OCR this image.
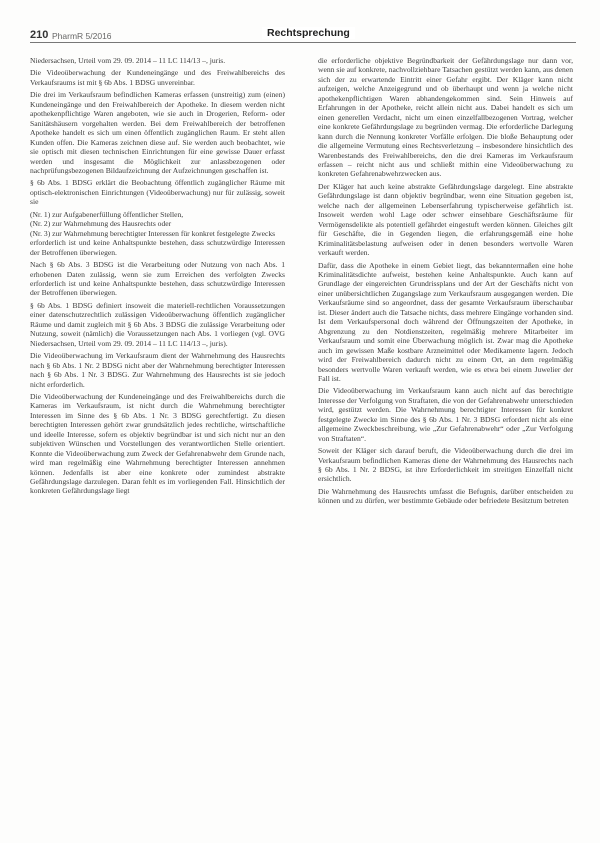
210 PharmR 5/2016	Rechtsprechung

Niedersachsen, Urteil vom 29. 09. 2014 – 11 LC 114/13 –, juris.

Die Videoüberwachung der Kundeneingänge und des Freiwahlbereichs des Verkaufsraums ist mit § 6b Abs. 1 BDSG unvereinbar.

Die drei im Verkaufsraum befindlichen Kameras erfassen (unstreitig) zum (einen) Kundeneingänge und den Freiwahlbereich der Apotheke. In diesem werden nicht apothekenpflichtige Waren angeboten, wie sie auch in Drogerien, Reform- oder Sanitätshäusern vorgehalten werden. Bei dem Freiwahlbereich der betroffenen Apotheke handelt es sich um einen öffentlich zugänglichen Raum. Er steht allen Kunden offen. Die Kameras zeichnen diese auf. Sie werden auch beobachtet, wie sie optisch mit diesen technischen Einrichtungen für eine gewisse Dauer erfasst werden und insgesamt die Möglichkeit zur anlassbezogenen oder nachprüfungsbezogenen Bildaufzeichnung der Aufzeichnungen geschaffen ist.

§ 6b Abs. 1 BDSG erklärt die Beobachtung öffentlich zugänglicher Räume mit optisch-elektronischen Einrichtungen (Videoüberwachung) nur für zulässig, soweit sie

(Nr. 1) zur Aufgabenerfüllung öffentlicher Stellen,

(Nr. 2) zur Wahrnehmung des Hausrechts oder

(Nr. 3) zur Wahrnehmung berechtigter Interessen für konkret festgelegte Zwecks

erforderlich ist und keine Anhaltspunkte bestehen, dass schutzwürdige Interessen der Betroffenen überwiegen.

Nach § 6b Abs. 3 BDSG ist die Verarbeitung oder Nutzung von nach Abs. 1 erhobenen Daten zulässig, wenn sie zum Erreichen des verfolgten Zwecks erforderlich ist und keine Anhaltspunkte bestehen, dass schutzwürdige Interessen der Betroffenen überwiegen.

§ 6b Abs. 1 BDSG definiert insoweit die materiell-rechtlichen Voraussetzungen einer datenschutzrechtlich zulässigen Videoüberwachung öffentlich zugänglicher Räume und damit zugleich mit § 6b Abs. 3 BDSG die zulässige Verarbeitung oder Nutzung, soweit (nämlich) die Voraussetzungen nach Abs. 1 vorliegen (vgl. OVG Niedersachsen, Urteil vom 29. 09. 2014 – 11 LC 114/13 –, juris).

Die Videoüberwachung im Verkaufsraum dient der Wahrnehmung des Hausrechts nach § 6b Abs. 1 Nr. 2 BDSG nicht aber der Wahrnehmung berechtigter Interessen nach § 6b Abs. 1 Nr. 3 BDSG. Zur Wahrnehmung des Hausrechts ist sie jedoch nicht erforderlich.

Die Videoüberwachung der Kundeneingänge und des Freiwahlbereichs durch die Kameras im Verkaufsraum, ist nicht durch die Wahrnehmung berechtigter Interessen im Sinne des § 6b Abs. 1 Nr. 3 BDSG gerechtfertigt. Zu diesen berechtigten Interessen gehört zwar grundsätzlich jedes rechtliche, wirtschaftliche und ideelle Interesse, sofern es objektiv begründbar ist und sich nicht nur an den subjektiven Wünschen und Vorstellungen des verantwortlichen Stelle orientiert. Konnte die Videoüberwachung zum Zweck der Gefahrenabwehr dem Grunde nach, wird man regelmäßig eine Wahrnehmung berechtigter Interessen annehmen können. Jedenfalls ist aber eine konkrete oder zumindest abstrakte Gefährdungslage darzulegen. Daran fehlt es im vorliegenden Fall. Hinsichtlich der konkreten Gefährdungslage liegt

die erforderliche objektive Begründbarkeit der Gefährdungslage nur dann vor, wenn sie auf konkrete, nachvollziehbare Tatsachen gestützt werden kann, aus denen sich der zu erwartende Eintritt einer Gefahr ergibt. Der Kläger kann nicht aufzeigen, welche Anzeigegrund und ob überhaupt und wenn ja welche nicht apothekenpflichtigen Waren abhandengekommen sind. Sein Hinweis auf Erfahrungen in der Apotheke, reicht allein nicht aus. Dabei handelt es sich um einen generellen Verdacht, nicht um einen einzelfallbezogenen Vortrag, welcher eine konkrete Gefährdungslage zu begründen vermag. Die erforderliche Darlegung kann durch die Nennung konkreter Vorfälle erfolgen. Die bloße Behauptung oder die allgemeine Vermutung eines Rechtsverletzung – insbesondere hinsichtlich des Warenbestands des Freiwahlbereichs, den die drei Kameras im Verkaufsraum erfassen – reicht nicht aus und schließt mithin eine Videoüberwachung zu konkreten Gefahrenabwehrzwecken aus.

Der Kläger hat auch keine abstrakte Gefährdungslage dargelegt. Eine abstrakte Gefährdungslage ist dann objektiv begründbar, wenn eine Situation gegeben ist, welche nach der allgemeinen Lebenserfahrung typischerweise gefährlich ist. Insoweit werden wohl Lage oder schwer einsehbare Geschäftsräume für Vermögensdelikte als potentiell gefährdet eingestuft werden können. Gleiches gilt für Geschäfte, die in Gegenden liegen, die erfahrungsgemäß eine hohe Kriminalitätsbelastung aufweisen oder in denen besonders wertvolle Waren verkauft werden.

Dafür, dass die Apotheke in einem Gebiet liegt, das bekanntermaßen eine hohe Kriminalitätsdichte aufweist, bestehen keine Anhaltspunkte. Auch kann auf Grundlage der eingereichten Grundrissplans und der Art der Geschäfts nicht von einer unübersichtlichen Zugangslage zum Verkaufsraum ausgegangen werden. Die Verkaufsräume sind so angeordnet, dass der gesamte Verkaufsraum überschaubar ist. Dieser ändert auch die Tatsache nichts, dass mehrere Eingänge vorhanden sind. Ist dem Verkaufspersonal doch während der Öffnungszeiten der Apotheke, in Abgrenzung zu den Notdienstzeiten, regelmäßig mehrere Mitarbeiter im Verkaufsraum und somit eine Überwachung möglich ist. Zwar mag die Apotheke auch im gewissen Maße kostbare Arzneimittel oder Medikamente lagern. Jedoch wird der Freiwahlbereich dadurch nicht zu einem Ort, an dem regelmäßig besonders wertvolle Waren verkauft werden, wie es etwa bei einem Juwelier der Fall ist.

Die Videoüberwachung im Verkaufsraum kann auch nicht auf das berechtigte Interesse der Verfolgung von Straftaten, die von der Gefahrenabwehr unterschieden wird, gestützt werden. Die Wahrnehmung berechtigter Interessen für konkret festgelegte Zwecke im Sinne des § 6b Abs. 1 Nr. 3 BDSG erfordert nicht als eine allgemeine Zweckbeschreibung, wie „Zur Gefahrenabwehr“ oder „Zur Verfolgung von Straftaten“.

Soweit der Kläger sich darauf beruft, die Videoüberwachung durch die drei im Verkaufsraum befindlichen Kameras diene der Wahrnehmung des Hausrechts nach § 6b Abs. 1 Nr. 2 BDSG, ist ihre Erforderlichkeit im streitigen Einzelfall nicht ersichtlich.

Die Wahrnehmung des Hausrechts umfasst die Befugnis, darüber entscheiden zu können und zu dürfen, wer bestimmte Gebäude oder befriedete Besitztum betreten
